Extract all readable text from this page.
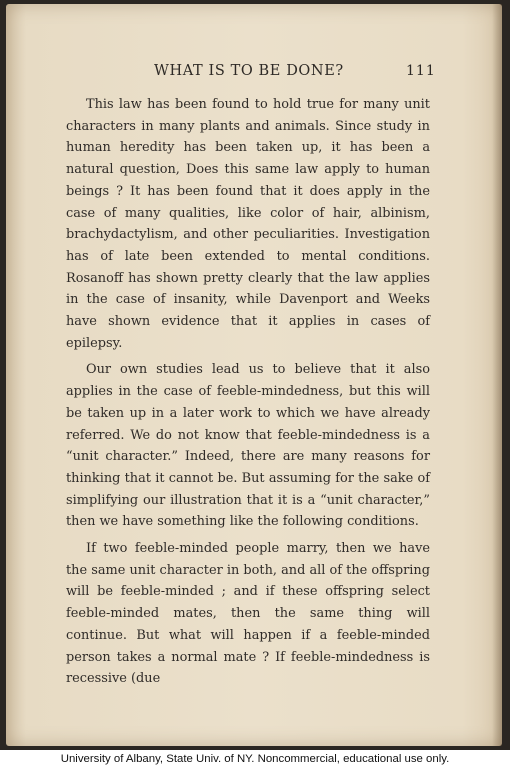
WHAT IS TO BE DONE?	111

This law has been found to hold true for many unit characters in many plants and animals. Since study in human heredity has been taken up, it has been a natural question, Does this same law apply to human beings ? It has been found that it does apply in the case of many qualities, like color of hair, albinism, brachydactylism, and other peculiarities. Investigation has of late been extended to mental conditions. Rosanoff has shown pretty clearly that the law applies in the case of insanity, while Davenport and Weeks have shown evidence that it applies in cases of epilepsy.

Our own studies lead us to believe that it also applies in the case of feeble-mindedness, but this will be taken up in a later work to which we have already referred. We do not know that feeble-mindedness is a “unit character.” Indeed, there are many reasons for thinking that it cannot be. But assuming for the sake of simplifying our illustration that it is a “unit character,” then we have something like the following conditions.

If two feeble-minded people marry, then we have the same unit character in both, and all of the offspring will be feeble-minded ; and if these offspring select feeble-minded mates, then the same thing will continue. But what will happen if a feeble-minded person takes a normal mate ? If feeble-mindedness is recessive (due

University of Albany, State Univ. of NY. Noncommercial, educational use only.
